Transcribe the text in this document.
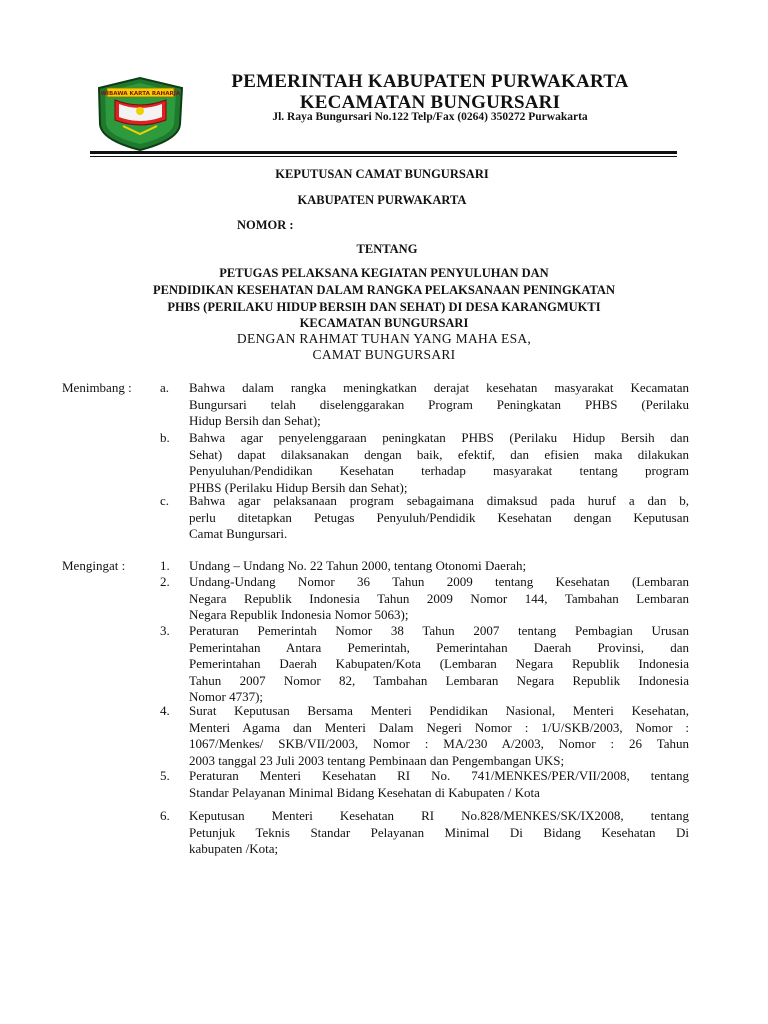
WIBAWA KARTA RAHARJA
PEMERINTAH KABUPATEN PURWAKARTA
KECAMATAN BUNGURSARI
Jl. Raya Bungursari No.122 Telp/Fax (0264) 350272 Purwakarta
KEPUTUSAN CAMAT BUNGURSARI
KABUPATEN PURWAKARTA
NOMOR :
TENTANG
PETUGAS PELAKSANA KEGIATAN PENYULUHAN DAN
PENDIDIKAN KESEHATAN DALAM RANGKA PELAKSANAAN PENINGKATAN
PHBS (PERILAKU HIDUP BERSIH DAN SEHAT) DI DESA KARANGMUKTI
KECAMATAN BUNGURSARI
DENGAN RAHMAT TUHAN YANG MAHA ESA,
CAMAT BUNGURSARI
Menimbang : a. Bahwa dalam rangka meningkatkan derajat kesehatan masyarakat Kecamatan
Bungursari telah diselenggarakan Program Peningkatan PHBS (Perilaku
Hidup Bersih dan Sehat);
b. Bahwa agar penyelenggaraan peningkatan PHBS (Perilaku Hidup Bersih dan
Sehat) dapat dilaksanakan dengan baik, efektif, dan efisien maka dilakukan
Penyuluhan/Pendidikan Kesehatan terhadap masyarakat tentang program
PHBS (Perilaku Hidup Bersih dan Sehat);
c. Bahwa agar pelaksanaan program sebagaimana dimaksud pada huruf a dan b,
perlu ditetapkan Petugas Penyuluh/Pendidik Kesehatan dengan Keputusan
Camat Bungursari.
Mengingat :	1. Undang – Undang No. 22 Tahun 2000, tentang Otonomi Daerah;
2. Undang-Undang Nomor 36 Tahun 2009 tentang Kesehatan (Lembaran
Negara Republik Indonesia Tahun 2009 Nomor 144, Tambahan Lembaran
Negara Republik Indonesia Nomor 5063);
3. Peraturan Pemerintah Nomor 38 Tahun 2007 tentang Pembagian Urusan
Pemerintahan Antara Pemerintah, Pemerintahan Daerah Provinsi, dan
Pemerintahan Daerah Kabupaten/Kota (Lembaran Negara Republik Indonesia
Tahun 2007 Nomor 82, Tambahan Lembaran Negara Republik Indonesia
Nomor 4737);
4. Surat Keputusan Bersama Menteri Pendidikan Nasional, Menteri Kesehatan,
Menteri Agama dan Menteri Dalam Negeri Nomor : 1/U/SKB/2003, Nomor :
1067/Menkes/ SKB/VII/2003, Nomor : MA/230 A/2003, Nomor : 26 Tahun
2003 tanggal 23 Juli 2003 tentang Pembinaan dan Pengembangan UKS;
5. Peraturan Menteri Kesehatan RI No. 741/MENKES/PER/VII/2008, tentang
Standar Pelayanan Minimal Bidang Kesehatan di Kabupaten / Kota
6. Keputusan Menteri Kesehatan RI No.828/MENKES/SK/IX2008, tentang
Petunjuk Teknis Standar Pelayanan Minimal Di Bidang Kesehatan Di
kabupaten /Kota;
